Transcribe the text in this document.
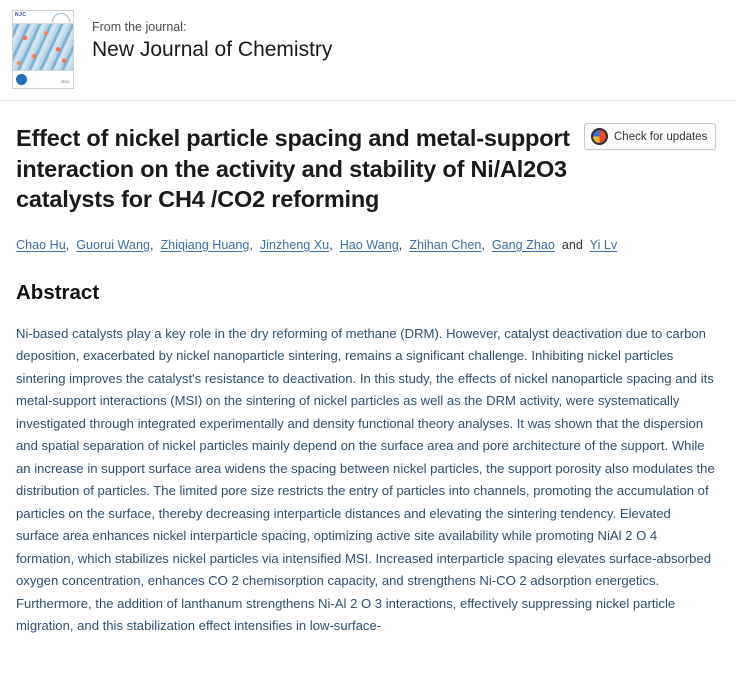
NJC
RSC
From the journal:
New Journal of Chemistry
Check for updates
Effect of nickel particle spacing and metal-support interaction on the activity and stability of Ni/Al2O3 catalysts for CH4 /CO2 reforming
Chao Hu,  Guorui Wang,  Zhiqiang Huang,  Jinzheng Xu,  Hao Wang,  Zhihan Chen,  Gang Zhao  and  Yi Lv
Abstract
Ni-based catalysts play a key role in the dry reforming of methane (DRM). However, catalyst deactivation due to carbon deposition, exacerbated by nickel nanoparticle sintering, remains a significant challenge. Inhibiting nickel particles sintering improves the catalyst's resistance to deactivation. In this study, the effects of nickel nanoparticle spacing and its metal-support interactions (MSI) on the sintering of nickel particles as well as the DRM activity, were systematically investigated through integrated experimentally and density functional theory analyses. It was shown that the dispersion and spatial separation of nickel particles mainly depend on the surface area and pore architecture of the support. While an increase in support surface area widens the spacing between nickel particles, the support porosity also modulates the distribution of particles. The limited pore size restricts the entry of particles into channels, promoting the accumulation of particles on the surface, thereby decreasing interparticle distances and elevating the sintering tendency. Elevated surface area enhances nickel interparticle spacing, optimizing active site availability while promoting NiAl 2 O 4 formation, which stabilizes nickel particles via intensified MSI. Increased interparticle spacing elevates surface-absorbed oxygen concentration, enhances CO 2 chemisorption capacity, and strengthens Ni-CO 2 adsorption energetics. Furthermore, the addition of lanthanum strengthens Ni-Al 2 O 3 interactions, effectively suppressing nickel particle migration, and this stabilization effect intensifies in low-surface-
